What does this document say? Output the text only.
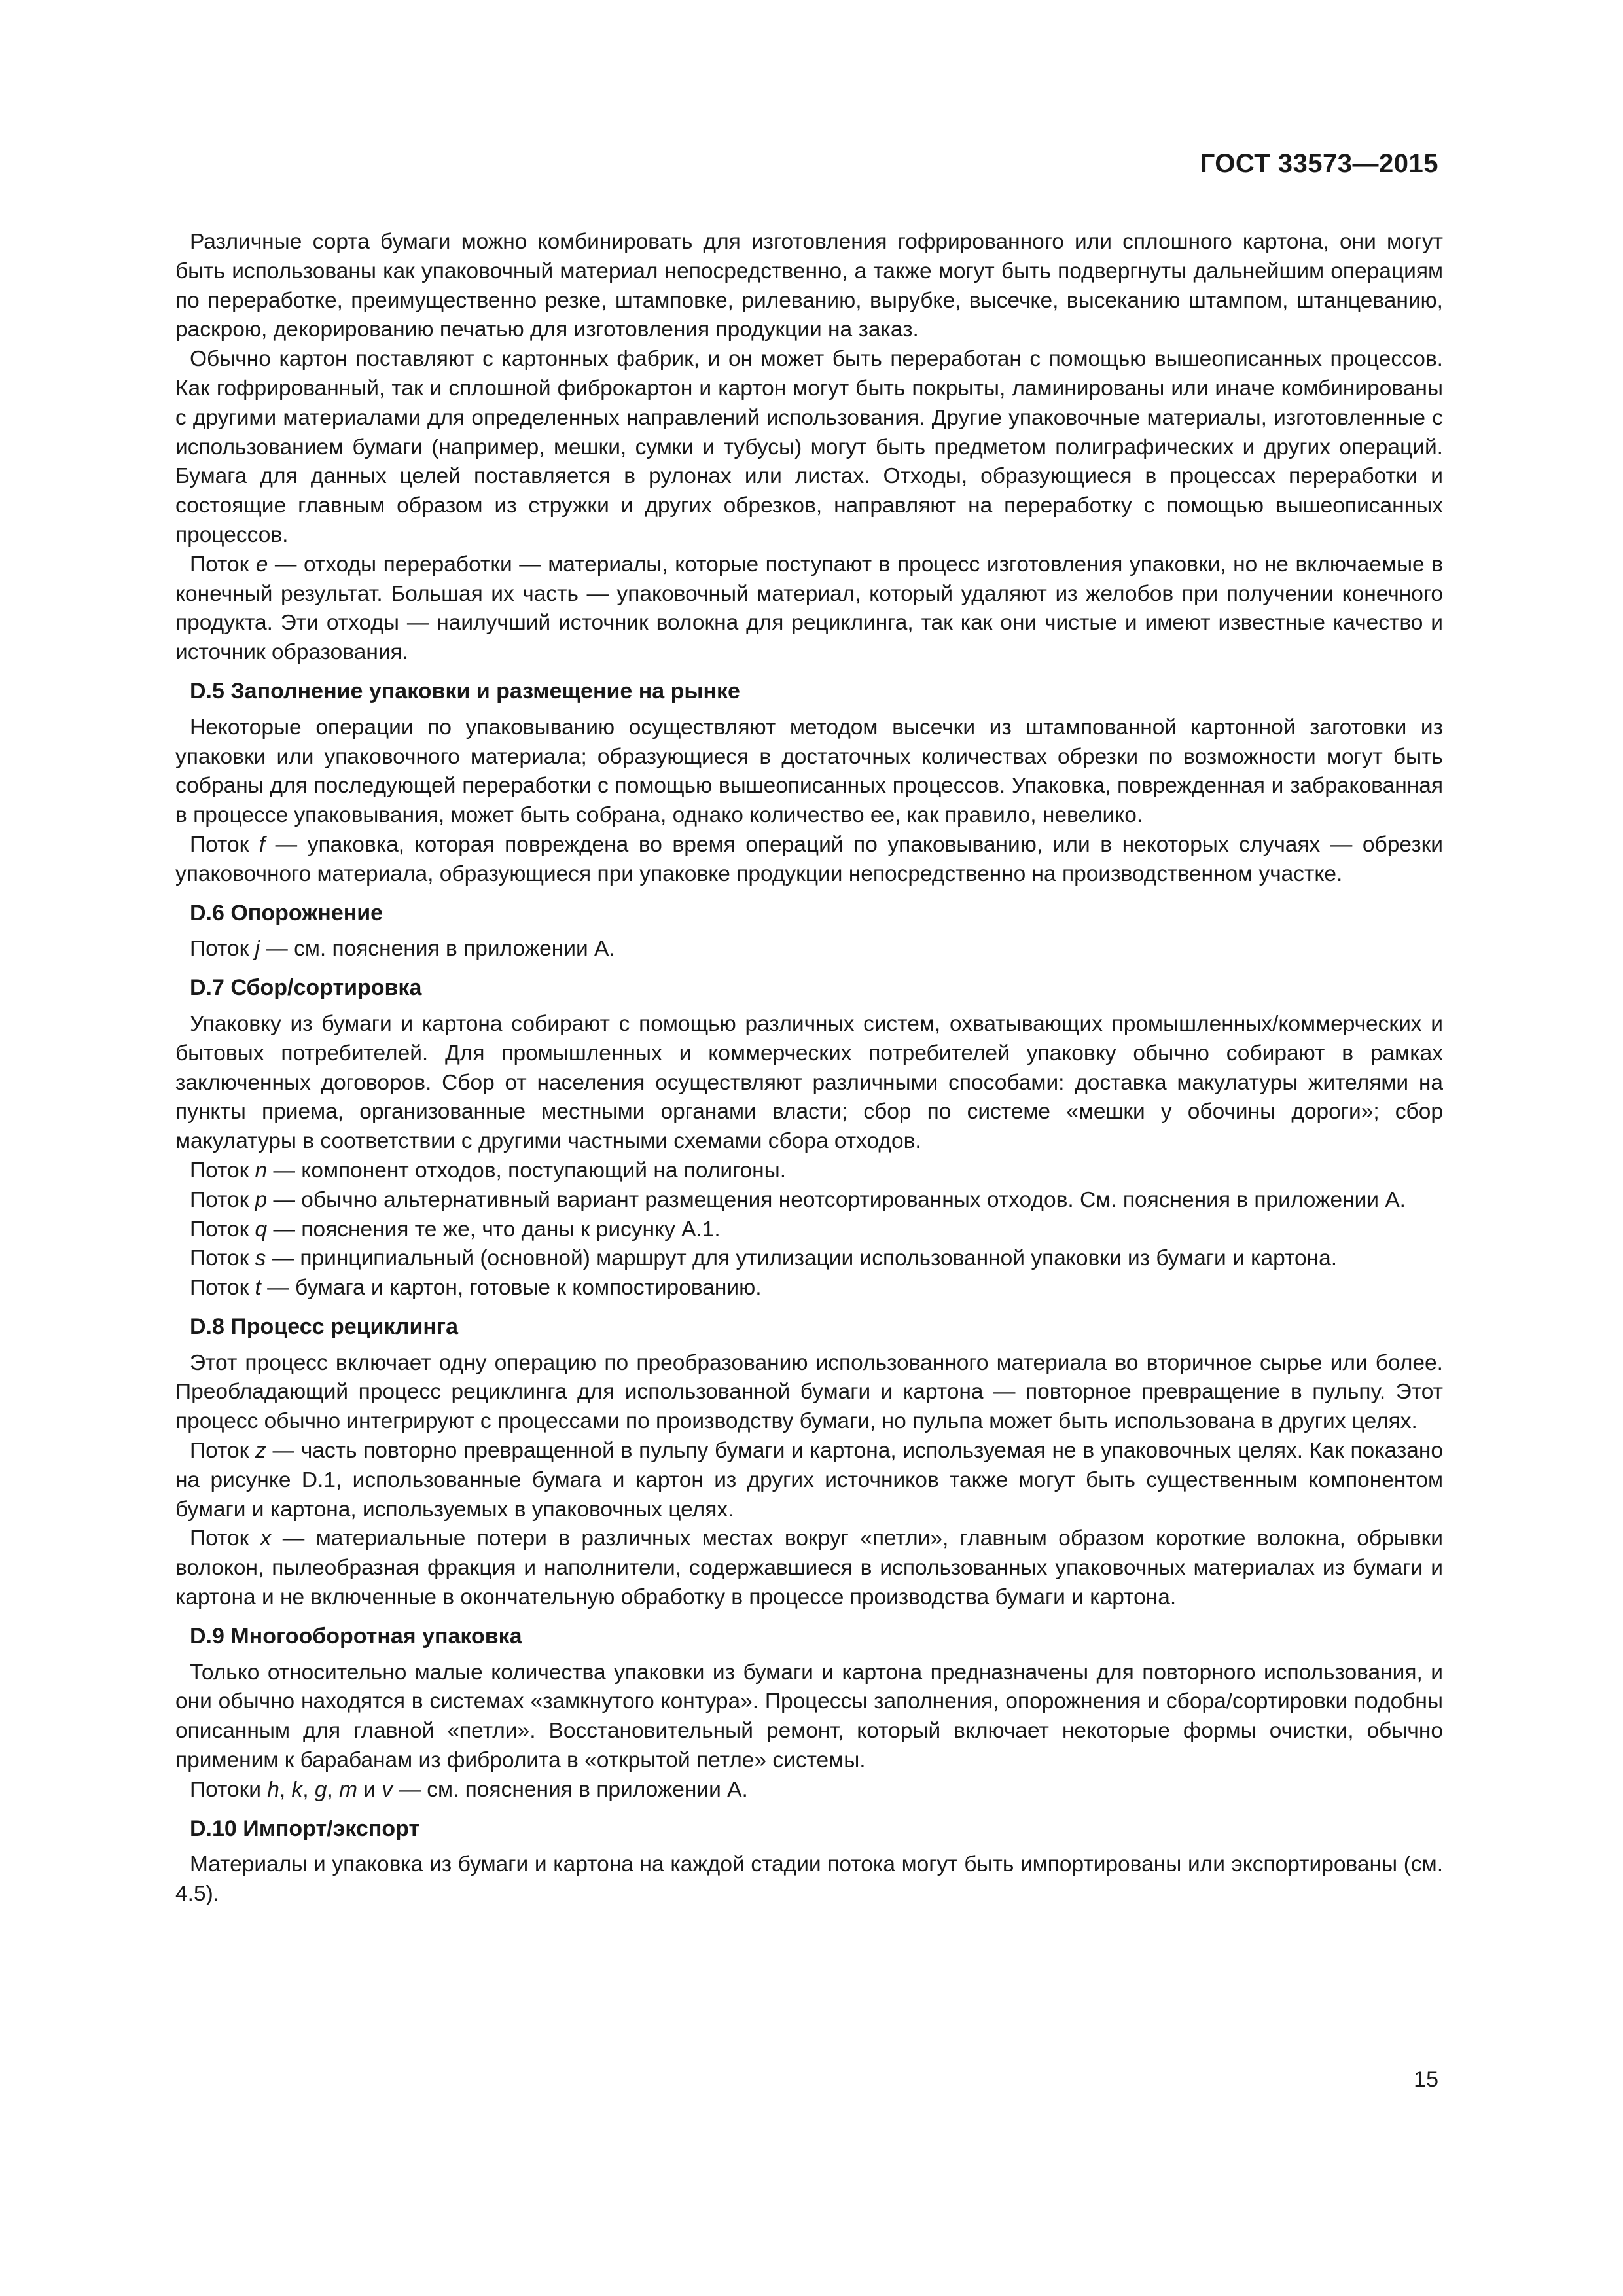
ГОСТ 33573—2015

Различные сорта бумаги можно комбинировать для изготовления гофрированного или сплошного картона, они могут быть использованы как упаковочный материал непосредственно, а также могут быть подвергнуты дальнейшим операциям по переработке, преимущественно резке, штамповке, рилеванию, вырубке, высечке, высеканию штампом, штанцеванию, раскрою, декорированию печатью для изготовления продукции на заказ.

Обычно картон поставляют с картонных фабрик, и он может быть переработан с помощью вышеописанных процессов. Как гофрированный, так и сплошной фиброкартон и картон могут быть покрыты, ламинированы или иначе комбинированы с другими материалами для определенных направлений использования. Другие упаковочные материалы, изготовленные с использованием бумаги (например, мешки, сумки и тубусы) могут быть предметом полиграфических и других операций. Бумага для данных целей поставляется в рулонах или листах. Отходы, образующиеся в процессах переработки и состоящие главным образом из стружки и других обрезков, направляют на переработку с помощью вышеописанных процессов.

Поток e — отходы переработки — материалы, которые поступают в процесс изготовления упаковки, но не включаемые в конечный результат. Большая их часть — упаковочный материал, который удаляют из желобов при получении конечного продукта. Эти отходы — наилучший источник волокна для рециклинга, так как они чистые и имеют известные качество и источник образования.

D.5 Заполнение упаковки и размещение на рынке

Некоторые операции по упаковыванию осуществляют методом высечки из штампованной картонной заготовки из упаковки или упаковочного материала; образующиеся в достаточных количествах обрезки по возможности могут быть собраны для последующей переработки с помощью вышеописанных процессов. Упаковка, поврежденная и забракованная в процессе упаковывания, может быть собрана, однако количество ее, как правило, невелико.

Поток f — упаковка, которая повреждена во время операций по упаковыванию, или в некоторых случаях — обрезки упаковочного материала, образующиеся при упаковке продукции непосредственно на производственном участке.

D.6 Опорожнение

Поток j — см. пояснения в приложении А.

D.7 Сбор/сортировка

Упаковку из бумаги и картона собирают с помощью различных систем, охватывающих промышленных/коммерческих и бытовых потребителей. Для промышленных и коммерческих потребителей упаковку обычно собирают в рамках заключенных договоров. Сбор от населения осуществляют различными способами: доставка макулатуры жителями на пункты приема, организованные местными органами власти; сбор по системе «мешки у обочины дороги»; сбор макулатуры в соответствии с другими частными схемами сбора отходов.

Поток n — компонент отходов, поступающий на полигоны.

Поток p — обычно альтернативный вариант размещения неотсортированных отходов. См. пояснения в приложении А.

Поток q — пояснения те же, что даны к рисунку А.1.

Поток s — принципиальный (основной) маршрут для утилизации использованной упаковки из бумаги и картона.

Поток t — бумага и картон, готовые к компостированию.

D.8 Процесс рециклинга

Этот процесс включает одну операцию по преобразованию использованного материала во вторичное сырье или более. Преобладающий процесс рециклинга для использованной бумаги и картона — повторное превращение в пульпу. Этот процесс обычно интегрируют с процессами по производству бумаги, но пульпа может быть использована в других целях.

Поток z — часть повторно превращенной в пульпу бумаги и картона, используемая не в упаковочных целях. Как показано на рисунке D.1, использованные бумага и картон из других источников также могут быть существенным компонентом бумаги и картона, используемых в упаковочных целях.

Поток x — материальные потери в различных местах вокруг «петли», главным образом короткие волокна, обрывки волокон, пылеобразная фракция и наполнители, содержавшиеся в использованных упаковочных материалах из бумаги и картона и не включенные в окончательную обработку в процессе производства бумаги и картона.

D.9 Многооборотная упаковка

Только относительно малые количества упаковки из бумаги и картона предназначены для повторного использования, и они обычно находятся в системах «замкнутого контура». Процессы заполнения, опорожнения и сбора/сортировки подобны описанным для главной «петли». Восстановительный ремонт, который включает некоторые формы очистки, обычно применим к барабанам из фибролита в «открытой петле» системы.

Потоки h, k, g, m и v — см. пояснения в приложении А.

D.10 Импорт/экспорт

Материалы и упаковка из бумаги и картона на каждой стадии потока могут быть импортированы или экспортированы (см. 4.5).

15
